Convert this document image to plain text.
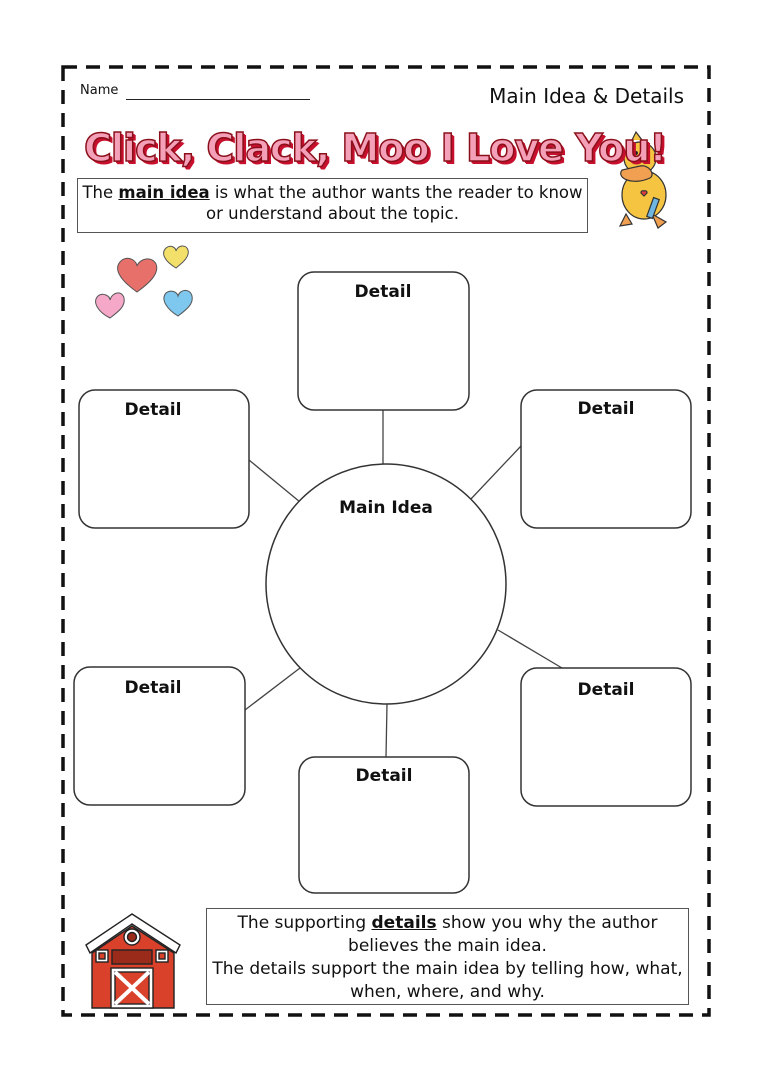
Name	Main Idea & Details
Click, Clack, Moo I Love You!
The main idea is what the author wants the reader to know or understand about the topic.
Detail
Detail	Detail
Detail	Detail
Detail
Main Idea
The supporting details show you why the author believes the main idea.
The details support the main idea by telling how, what, when, where, and why.
